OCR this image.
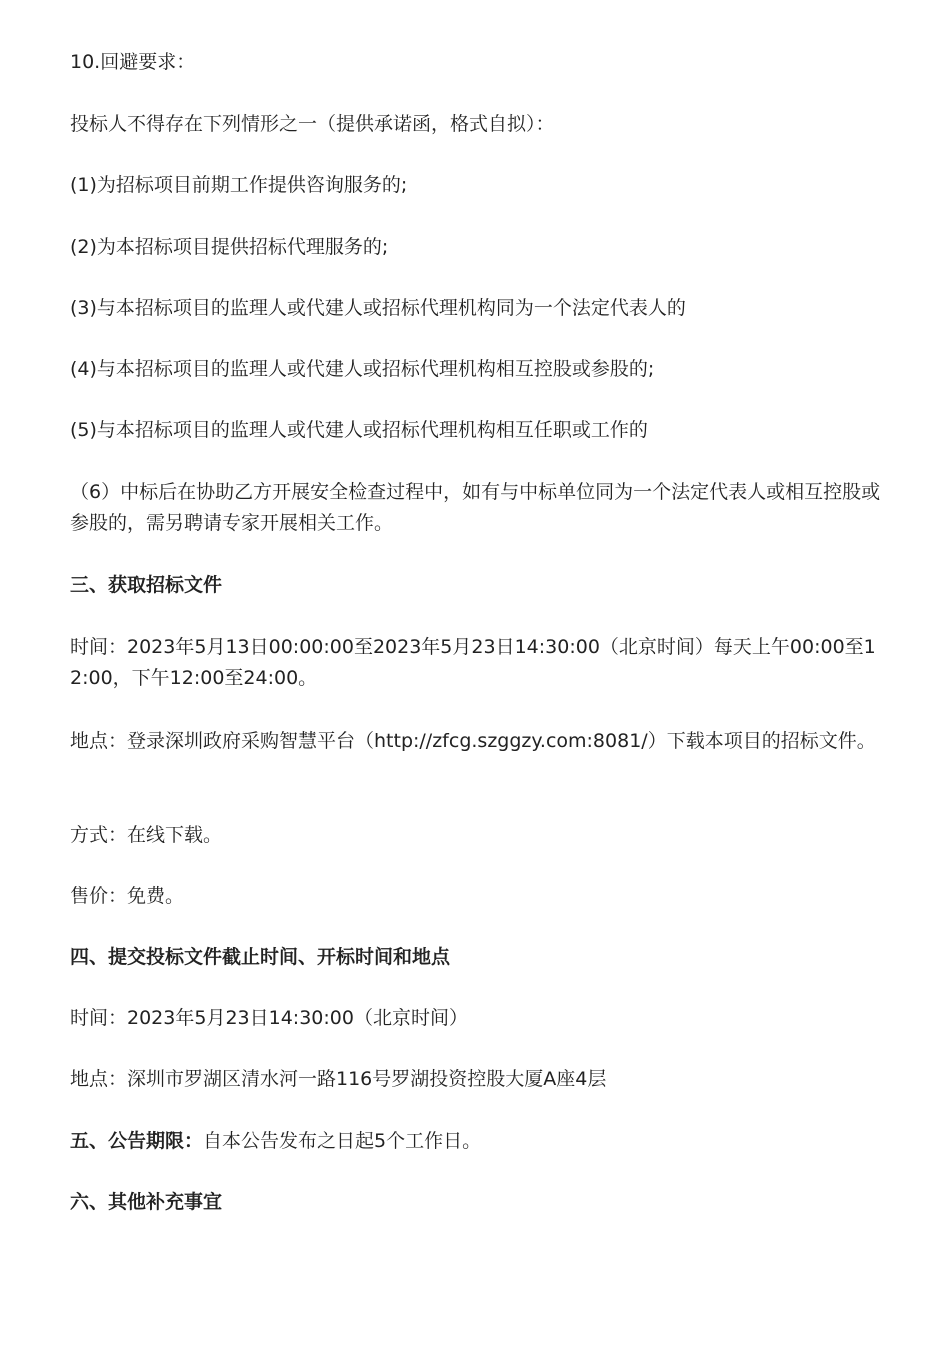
10.回避要求：
投标人不得存在下列情形之一（提供承诺函，格式自拟）：
(1)为招标项目前期工作提供咨询服务的;
(2)为本招标项目提供招标代理服务的;
(3)与本招标项目的监理人或代建人或招标代理机构同为一个法定代表人的
(4)与本招标项目的监理人或代建人或招标代理机构相互控股或参股的;
(5)与本招标项目的监理人或代建人或招标代理机构相互任职或工作的
（6）中标后在协助乙方开展安全检查过程中，如有与中标单位同为一个法定代表人或相互控股或参股的，需另聘请专家开展相关工作。
三、获取招标文件
时间：2023年5月13日00:00:00至2023年5月23日14:30:00（北京时间）每天上午00:00至12:00，下午12:00至24:00。
地点：登录深圳政府采购智慧平台（http://zfcg.szggzy.com:8081/）下载本项目的招标文件。
方式：在线下载。
售价：免费。
四、提交投标文件截止时间、开标时间和地点
时间：2023年5月23日14:30:00（北京时间）
地点：深圳市罗湖区清水河一路116号罗湖投资控股大厦A座4层
五、公告期限：自本公告发布之日起5个工作日。
六、其他补充事宜
